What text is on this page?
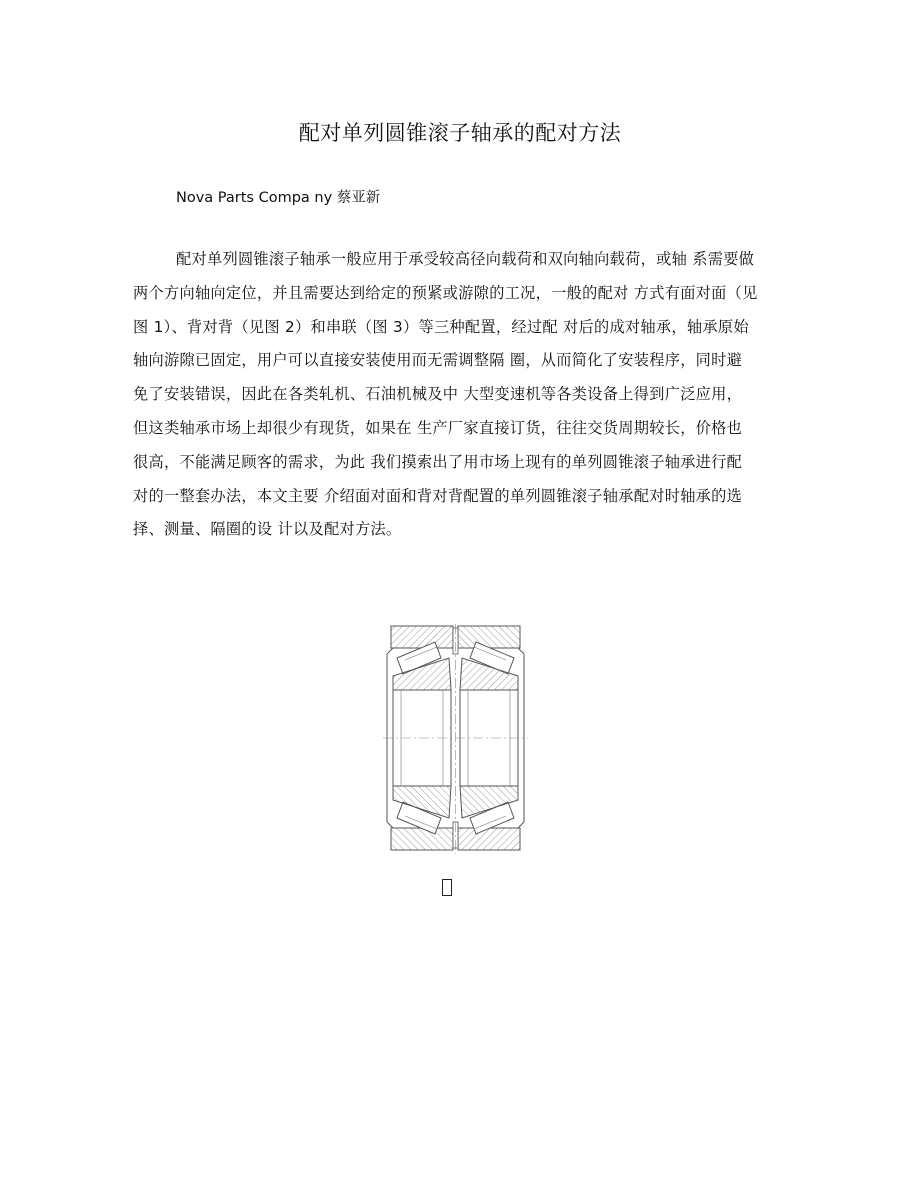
配对单列圆锥滚子轴承的配对方法
Nova Parts Compa ny 蔡亚新
配对单列圆锥滚子轴承一般应用于承受较高径向载荷和双向轴向载荷，或轴 系需要做
两个方向轴向定位，并且需要达到给定的预紧或游隙的工况，一般的配对 方式有面对面（见
图 1）、背对背（见图 2）和串联（图 3）等三种配置，经过配 对后的成对轴承，轴承原始
轴向游隙已固定，用户可以直接安装使用而无需调整隔 圈，从而简化了安装程序，同时避
免了安装错误，因此在各类轧机、石油机械及中 大型变速机等各类设备上得到广泛应用，
但这类轴承市场上却很少有现货，如果在 生产厂家直接订货，往往交货周期较长，价格也
很高，不能满足顾客的需求，为此 我们摸索出了用市场上现有的单列圆锥滚子轴承进行配
对的一整套办法，本文主要 介绍面对面和背对背配置的单列圆锥滚子轴承配对时轴承的选
择、测量、隔圈的设 计以及配对方法。
